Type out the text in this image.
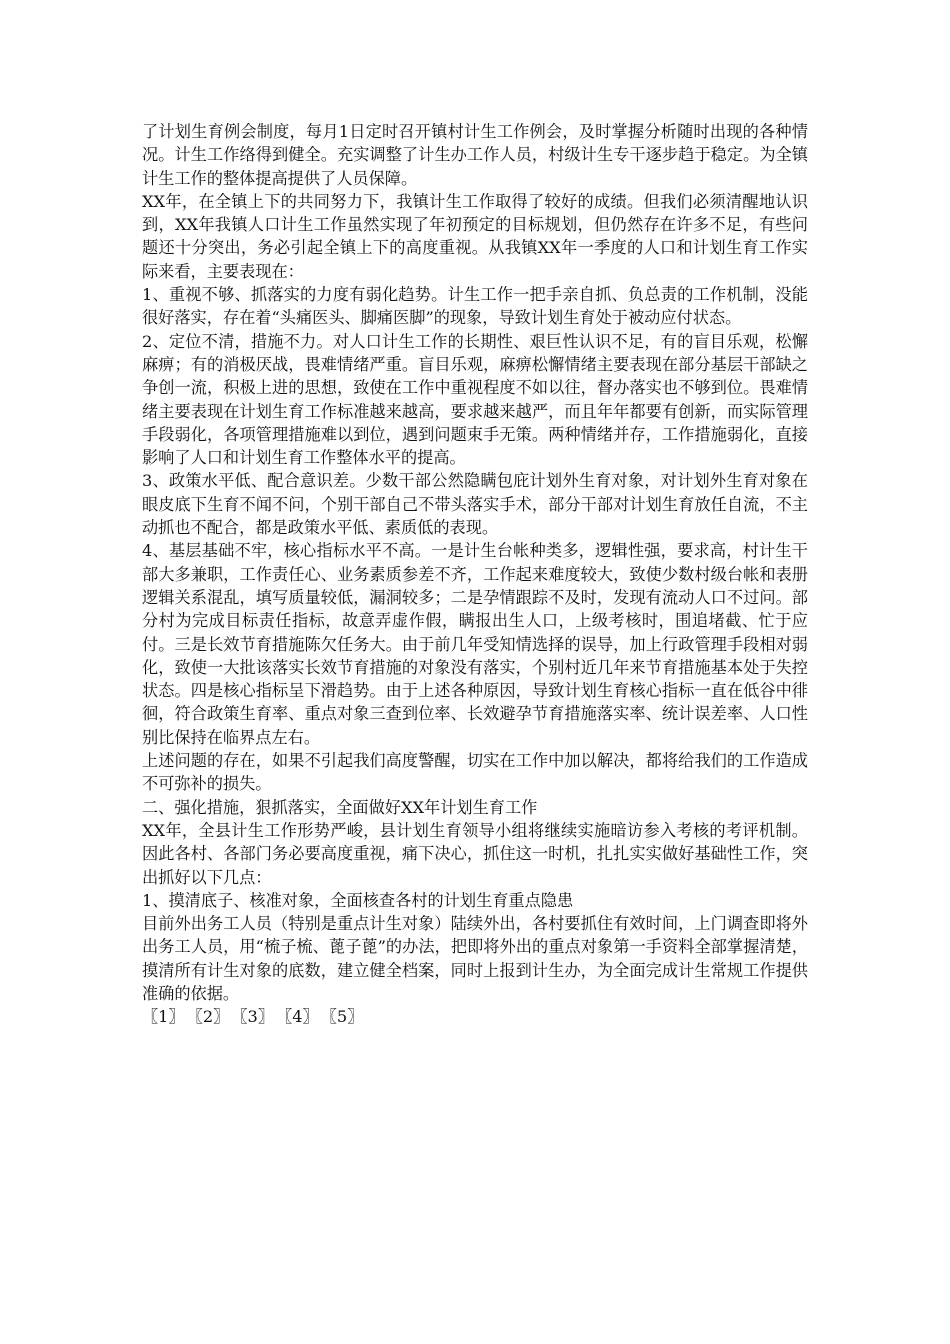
了计划生育例会制度，每月1日定时召开镇村计生工作例会，及时掌握分析随时出现的各种情况。计生工作络得到健全。充实调整了计生办工作人员，村级计生专干逐步趋于稳定。为全镇计生工作的整体提高提供了人员保障。

XX年，在全镇上下的共同努力下，我镇计生工作取得了较好的成绩。但我们必须清醒地认识到，XX年我镇人口计生工作虽然实现了年初预定的目标规划，但仍然存在许多不足，有些问题还十分突出，务必引起全镇上下的高度重视。从我镇XX年一季度的人口和计划生育工作实际来看，主要表现在：

1、重视不够、抓落实的力度有弱化趋势。计生工作一把手亲自抓、负总责的工作机制，没能很好落实，存在着“头痛医头、脚痛医脚”的现象，导致计划生育处于被动应付状态。

2、定位不清，措施不力。对人口计生工作的长期性、艰巨性认识不足，有的盲目乐观，松懈麻痹；有的消极厌战，畏难情绪严重。盲目乐观，麻痹松懈情绪主要表现在部分基层干部缺之争创一流，积极上进的思想，致使在工作中重视程度不如以往，督办落实也不够到位。畏难情绪主要表现在计划生育工作标准越来越高，要求越来越严，而且年年都要有创新，而实际管理手段弱化，各项管理措施难以到位，遇到问题束手无策。两种情绪并存，工作措施弱化，直接影响了人口和计划生育工作整体水平的提高。

3、政策水平低、配合意识差。少数干部公然隐瞒包庇计划外生育对象，对计划外生育对象在眼皮底下生育不闻不问，个别干部自己不带头落实手术，部分干部对计划生育放任自流，不主动抓也不配合，都是政策水平低、素质低的表现。

4、基层基础不牢，核心指标水平不高。一是计生台帐种类多，逻辑性强，要求高，村计生干部大多兼职，工作责任心、业务素质参差不齐，工作起来难度较大，致使少数村级台帐和表册逻辑关系混乱，填写质量较低，漏洞较多；二是孕情跟踪不及时，发现有流动人口不过问。部分村为完成目标责任指标，故意弄虚作假，瞒报出生人口，上级考核时，围追堵截、忙于应付。三是长效节育措施陈欠任务大。由于前几年受知情选择的误导，加上行政管理手段相对弱化，致使一大批该落实长效节育措施的对象没有落实，个别村近几年来节育措施基本处于失控状态。四是核心指标呈下滑趋势。由于上述各种原因，导致计划生育核心指标一直在低谷中徘徊，符合政策生育率、重点对象三查到位率、长效避孕节育措施落实率、统计误差率、人口性别比保持在临界点左右。

上述问题的存在，如果不引起我们高度警醒，切实在工作中加以解决，都将给我们的工作造成不可弥补的损失。

二、强化措施，狠抓落实，全面做好XX年计划生育工作

XX年，全县计生工作形势严峻，县计划生育领导小组将继续实施暗访参入考核的考评机制。因此各村、各部门务必要高度重视，痛下决心，抓住这一时机，扎扎实实做好基础性工作，突出抓好以下几点：

1、摸清底子、核准对象，全面核查各村的计划生育重点隐患

目前外出务工人员（特别是重点计生对象）陆续外出，各村要抓住有效时间，上门调查即将外出务工人员，用“梳子梳、蓖子蓖”的办法，把即将外出的重点对象第一手资料全部掌握清楚，摸清所有计生对象的底数，建立健全档案，同时上报到计生办，为全面完成计生常规工作提供准确的依据。

〖1〗 〖2〗 〖3〗 〖4〗 〖5〗
